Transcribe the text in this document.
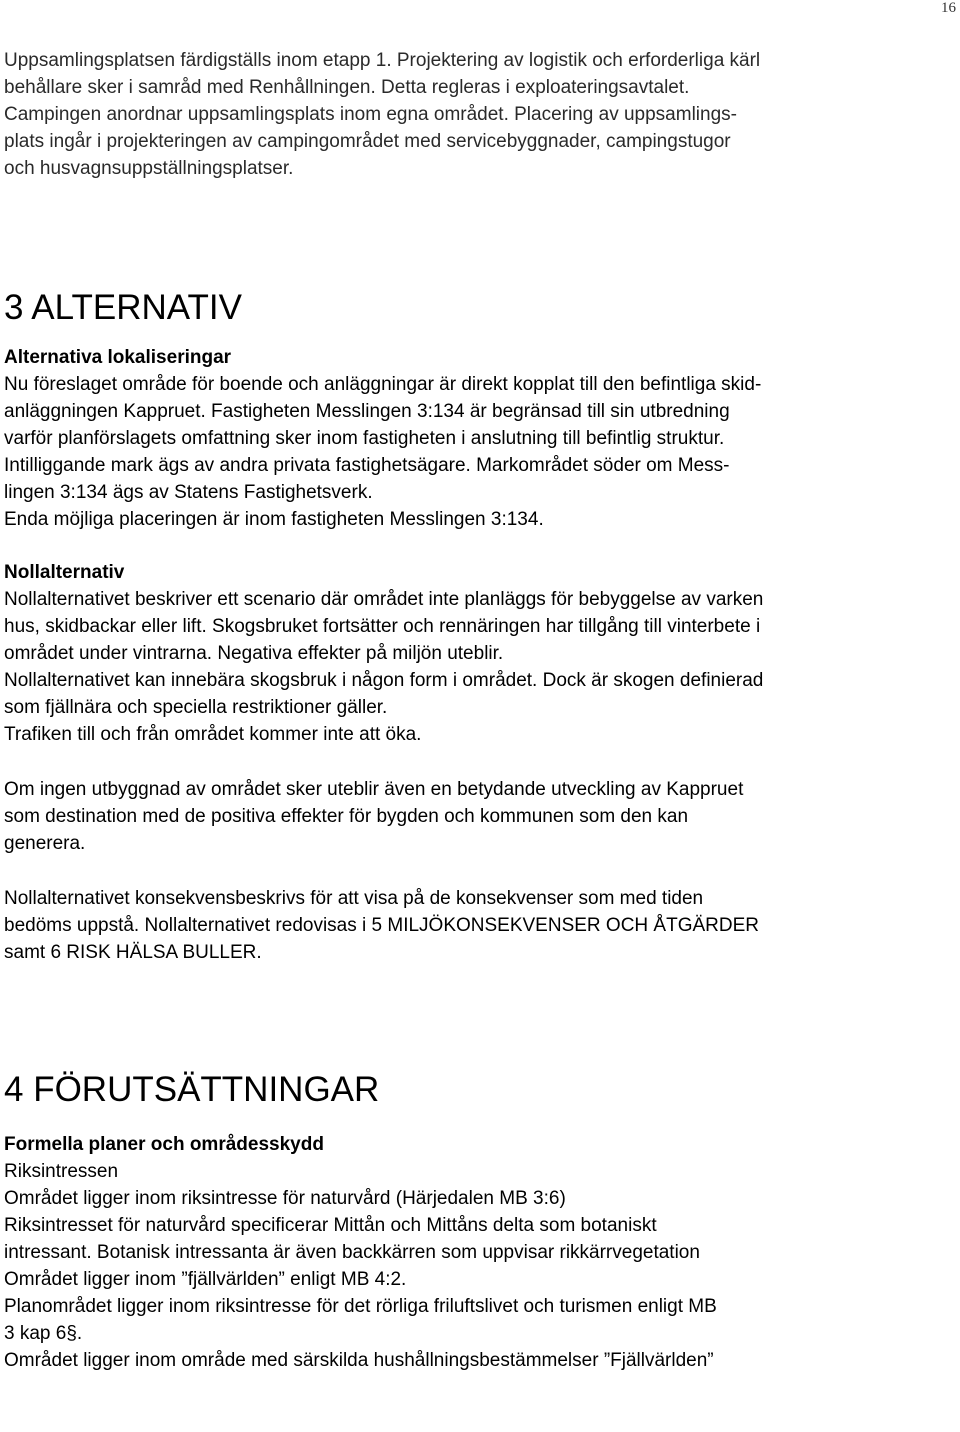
16
Uppsamlingsplatsen färdigställs inom etapp 1. Projektering av logistik och erforderliga kärl
behållare sker i samråd med Renhållningen. Detta regleras i exploateringsavtalet.
Campingen anordnar uppsamlingsplats inom egna området. Placering av uppsamlings-
plats ingår i projekteringen av campingområdet med servicebyggnader, campingstugor
och husvagnsuppställningsplatser.
3 ALTERNATIV
Alternativa lokaliseringar
Nu föreslaget område för boende och anläggningar är direkt kopplat till den befintliga skid-
anläggningen Kappruet. Fastigheten Messlingen 3:134 är begränsad till sin utbredning
varför planförslagets omfattning sker inom fastigheten i anslutning till befintlig struktur.
Intilliggande mark ägs av andra privata fastighetsägare. Markområdet söder om Mess-
lingen 3:134 ägs av Statens Fastighetsverk.
Enda möjliga placeringen är inom fastigheten Messlingen 3:134.
Nollalternativ
Nollalternativet beskriver ett scenario där området inte planläggs för bebyggelse av varken
hus, skidbackar eller lift. Skogsbruket fortsätter och rennäringen har tillgång till vinterbete i
området under vintrarna. Negativa effekter på miljön uteblir.
Nollalternativet kan innebära skogsbruk i någon form i området. Dock är skogen definierad
som fjällnära och speciella restriktioner gäller.
Trafiken till och från området kommer inte att öka.
Om ingen utbyggnad av området sker uteblir även en betydande utveckling av Kappruet
som destination med de positiva effekter för bygden och kommunen som den kan
generera.
Nollalternativet konsekvensbeskrivs för att visa på de konsekvenser som med tiden
bedöms uppstå. Nollalternativet redovisas i 5 MILJÖKONSEKVENSER OCH ÅTGÄRDER
samt 6 RISK HÄLSA BULLER.
4 FÖRUTSÄTTNINGAR
Formella planer och områdesskydd
Riksintressen
Området ligger inom riksintresse för naturvård (Härjedalen MB 3:6)
Riksintresset för naturvård specificerar Mittån och Mittåns delta som botaniskt
intressant. Botanisk intressanta är även backkärren som uppvisar rikkärrvegetation
Området ligger inom ”fjällvärlden” enligt MB 4:2.
Planområdet ligger inom riksintresse för det rörliga friluftslivet och turismen enligt MB
3 kap 6§.
Området ligger inom område med särskilda hushållningsbestämmelser ”Fjällvärlden”
